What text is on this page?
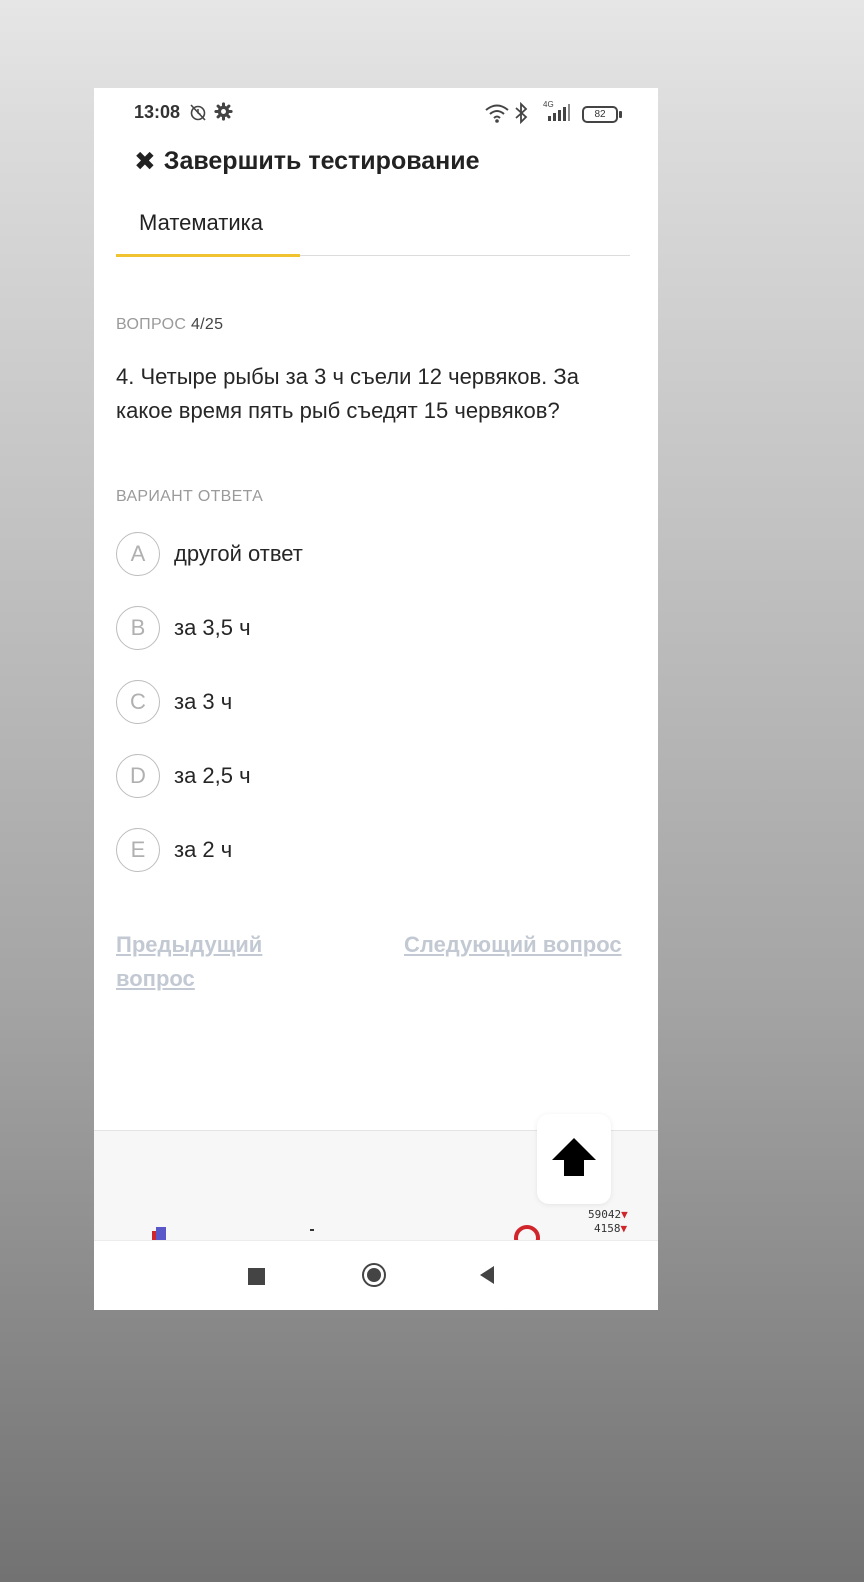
13:08	4G
82
✖ Завершить тестирование
Математика
ВОПРОС 4/25
4. Четыре рыбы за 3 ч съели 12 червяков. За какое время пять рыб съедят 15 червяков?
ВАРИАНТ ОТВЕТА
A	другой ответ
B	за 3,5 ч
C	за 3 ч
D	за 2,5 ч
E	за 2 ч
Предыдущий вопрос
Следующий вопрос
59042▼
4158▼
